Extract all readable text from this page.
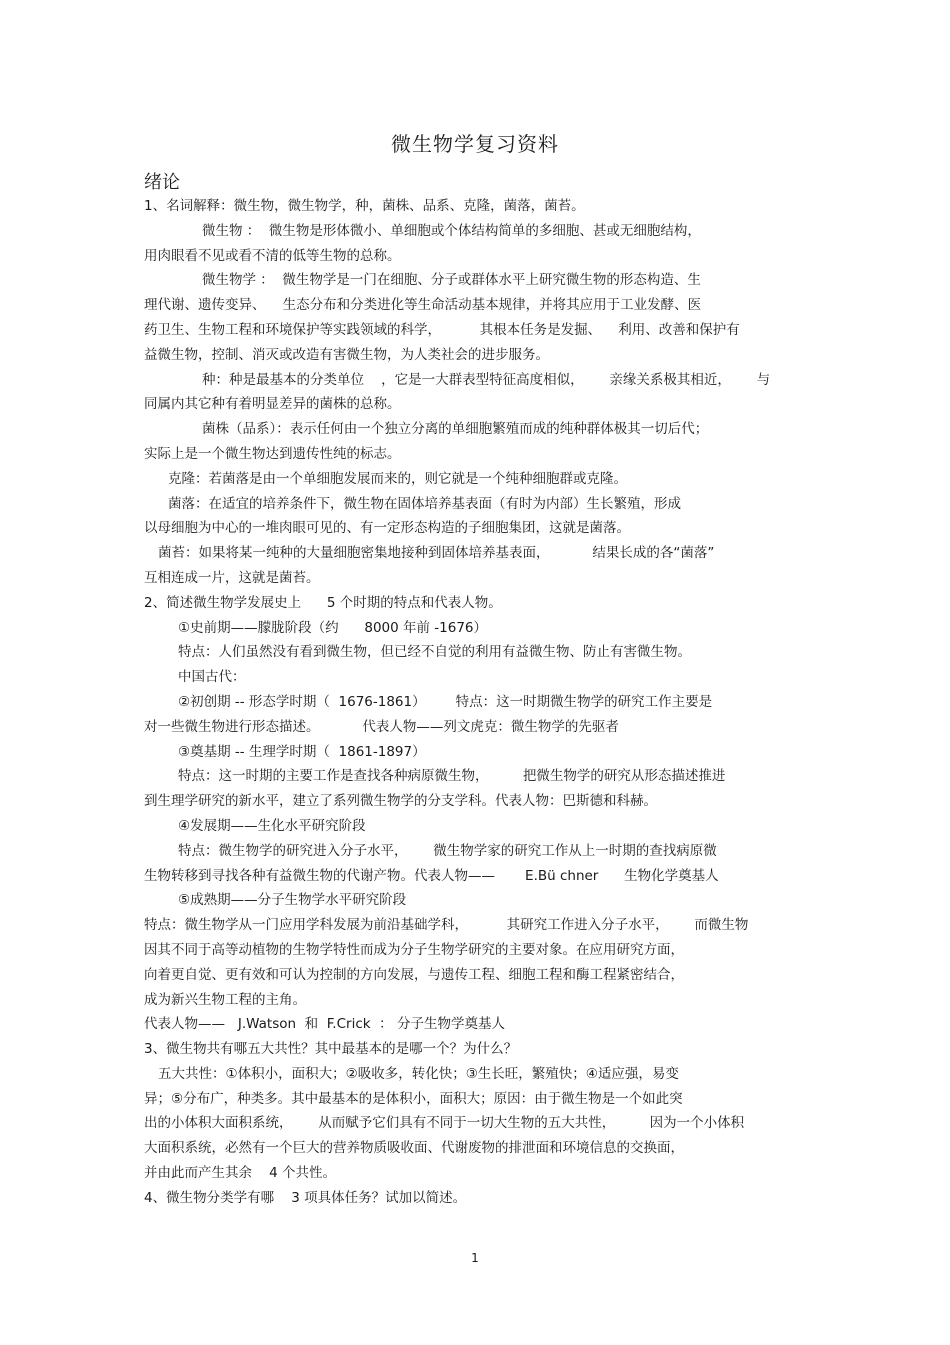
微生物学复习资料
绪论
1、名词解释：微生物，微生物学，种，菌株、品系、克隆，菌落，菌苔。
微生物 ：  微生物是形体微小、单细胞或个体结构简单的多细胞、甚或无细胞结构，
用肉眼看不见或看不清的低等生物的总称。
微生物学 ：  微生物学是一门在细胞、分子或群体水平上研究微生物的形态构造、生
理代谢、遗传变异、    生态分布和分类进化等生命活动基本规律，并将其应用于工业发酵、医
药卫生、生物工程和环境保护等实践领域的科学，         其根本任务是发掘、    利用、改善和保护有
益微生物，控制、消灭或改造有害微生物，为人类社会的进步服务。
种：种是最基本的分类单位    ，它是一大群表型特征高度相似，      亲缘关系极其相近，      与
同属内其它种有着明显差异的菌株的总称。
菌株（品系）：表示任何由一个独立分离的单细胞繁殖而成的纯种群体极其一切后代；
实际上是一个微生物达到遗传性纯的标志。
克隆：若菌落是由一个单细胞发展而来的，则它就是一个纯种细胞群或克隆。
菌落：在适宜的培养条件下，微生物在固体培养基表面（有时为内部）生长繁殖，形成
以母细胞为中心的一堆肉眼可见的、有一定形态构造的子细胞集团，这就是菌落。
菌苔：如果将某一纯种的大量细胞密集地接种到固体培养基表面，          结果长成的各“菌落”
互相连成一片，这就是菌苔。
2、简述微生物学发展史上      5 个时期的特点和代表人物。
①史前期——朦胧阶段（约      8000 年前 -1676）
特点：人们虽然没有看到微生物，但已经不自觉的利用有益微生物、防止有害微生物。
中国古代：
②初创期 -- 形态学时期（  1676-1861）       特点：这一时期微生物学的研究工作主要是
对一些微生物进行形态描述。          代表人物——列文虎克：微生物学的先驱者
③奠基期 -- 生理学时期（  1861-1897）
特点：这一时期的主要工作是查找各种病原微生物，        把微生物学的研究从形态描述推进
到生理学研究的新水平，建立了系列微生物学的分支学科。代表人物：巴斯德和科赫。
④发展期——生化水平研究阶段
特点：微生物学的研究进入分子水平，      微生物学家的研究工作从上一时期的查找病原微
生物转移到寻找各种有益微生物的代谢产物。代表人物——       E.Bü chner      生物化学奠基人
⑤成熟期——分子生物学水平研究阶段
特点：微生物学从一门应用学科发展为前沿基础学科，         其研究工作进入分子水平，      而微生物
因其不同于高等动植物的生物学特性而成为分子生物学研究的主要对象。在应用研究方面，
向着更自觉、更有效和可认为控制的方向发展，与遗传工程、细胞工程和酶工程紧密结合，
成为新兴生物工程的主角。
代表人物——   J.Watson  和  F.Crick  ： 分子生物学奠基人
3、微生物共有哪五大共性？其中最基本的是哪一个？为什么？
五大共性：①体积小，面积大；②吸收多，转化快；③生长旺，繁殖快；④适应强，易变
异；⑤分布广，种类多。其中最基本的是体积小，面积大；原因：由于微生物是一个如此突
出的小体积大面积系统，      从而赋予它们具有不同于一切大生物的五大共性，        因为一个小体积
大面积系统，必然有一个巨大的营养物质吸收面、代谢废物的排泄面和环境信息的交换面，
并由此而产生其余    4 个共性。
4、微生物分类学有哪    3 项具体任务？试加以简述。
1
